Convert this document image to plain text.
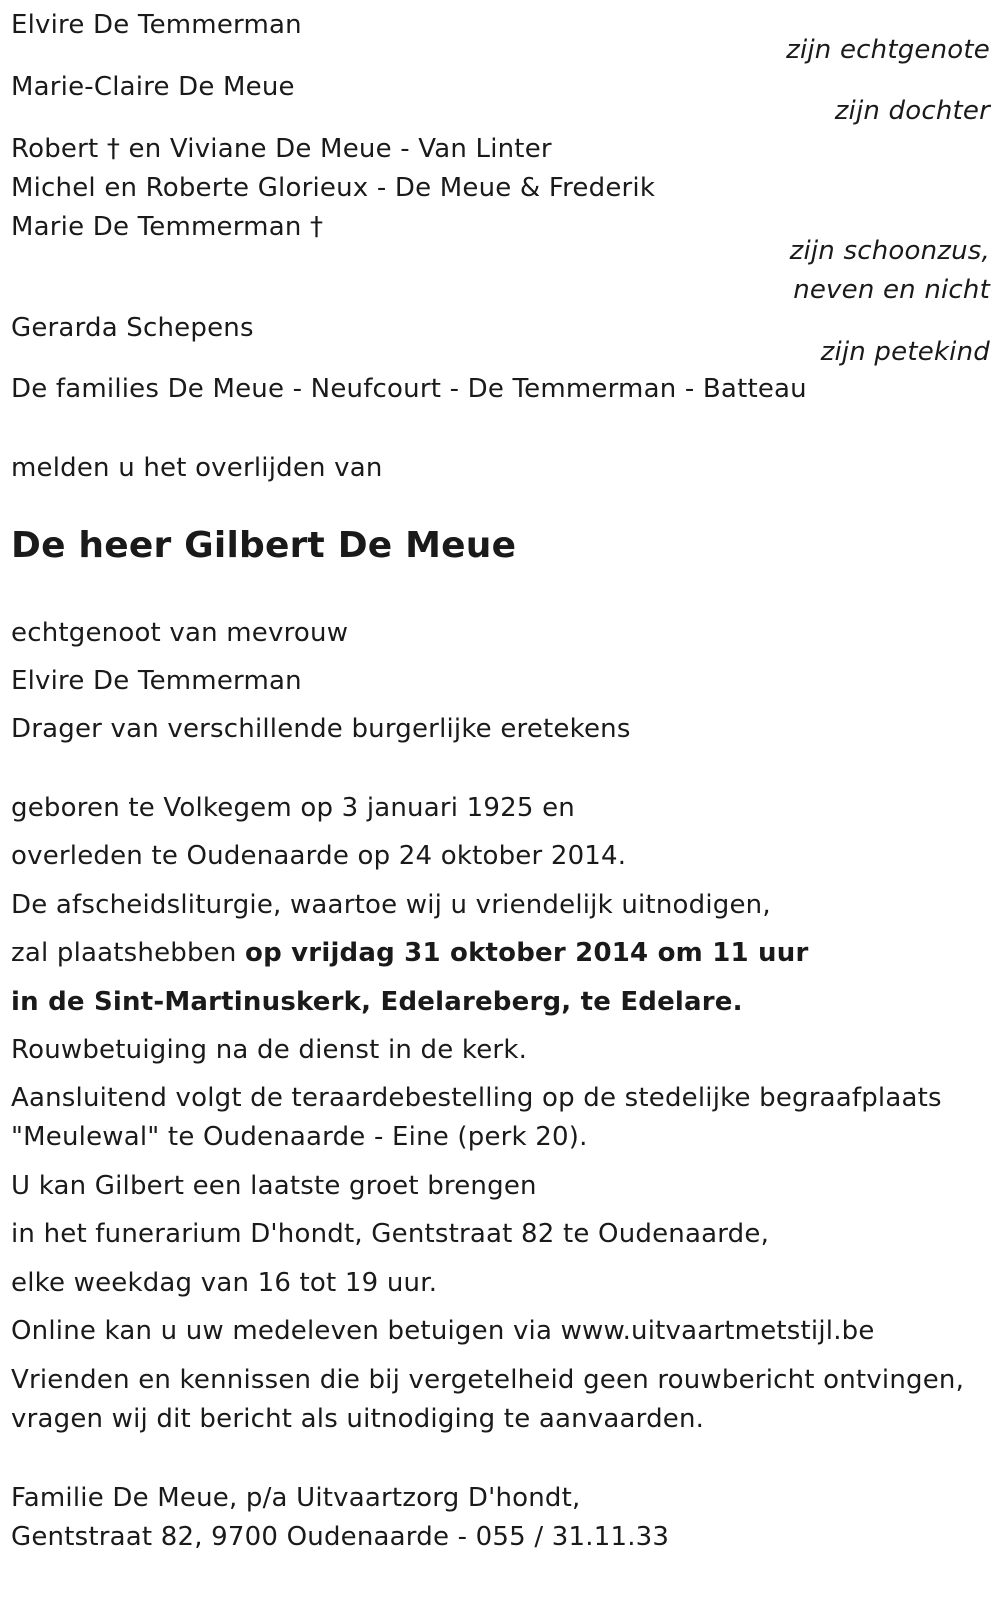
Elvire De Temmerman
zijn echtgenote
Marie-Claire De Meue
zijn dochter
Robert † en Viviane De Meue - Van Linter
Michel en Roberte Glorieux - De Meue & Frederik
Marie De Temmerman †
zijn schoonzus,
neven en nicht
Gerarda Schepens
zijn petekind
De families De Meue - Neufcourt - De Temmerman - Batteau
melden u het overlijden van
De heer Gilbert De Meue
echtgenoot van mevrouw
Elvire De Temmerman
Drager van verschillende burgerlijke eretekens
geboren te Volkegem op 3 januari 1925 en
overleden te Oudenaarde op 24 oktober 2014.
De afscheidsliturgie, waartoe wij u vriendelijk uitnodigen,
zal plaatshebben op vrijdag 31 oktober 2014 om 11 uur
in de Sint-Martinuskerk, Edelareberg, te Edelare.
Rouwbetuiging na de dienst in de kerk.
Aansluitend volgt de teraardebestelling op de stedelijke begraafplaats
"Meulewal" te Oudenaarde - Eine (perk 20).
U kan Gilbert een laatste groet brengen
in het funerarium D'hondt, Gentstraat 82 te Oudenaarde,
elke weekdag van 16 tot 19 uur.
Online kan u uw medeleven betuigen via www.uitvaartmetstijl.be
Vrienden en kennissen die bij vergetelheid geen rouwbericht ontvingen,
vragen wij dit bericht als uitnodiging te aanvaarden.
Familie De Meue, p/a Uitvaartzorg D'hondt,
Gentstraat 82, 9700 Oudenaarde - 055 / 31.11.33
